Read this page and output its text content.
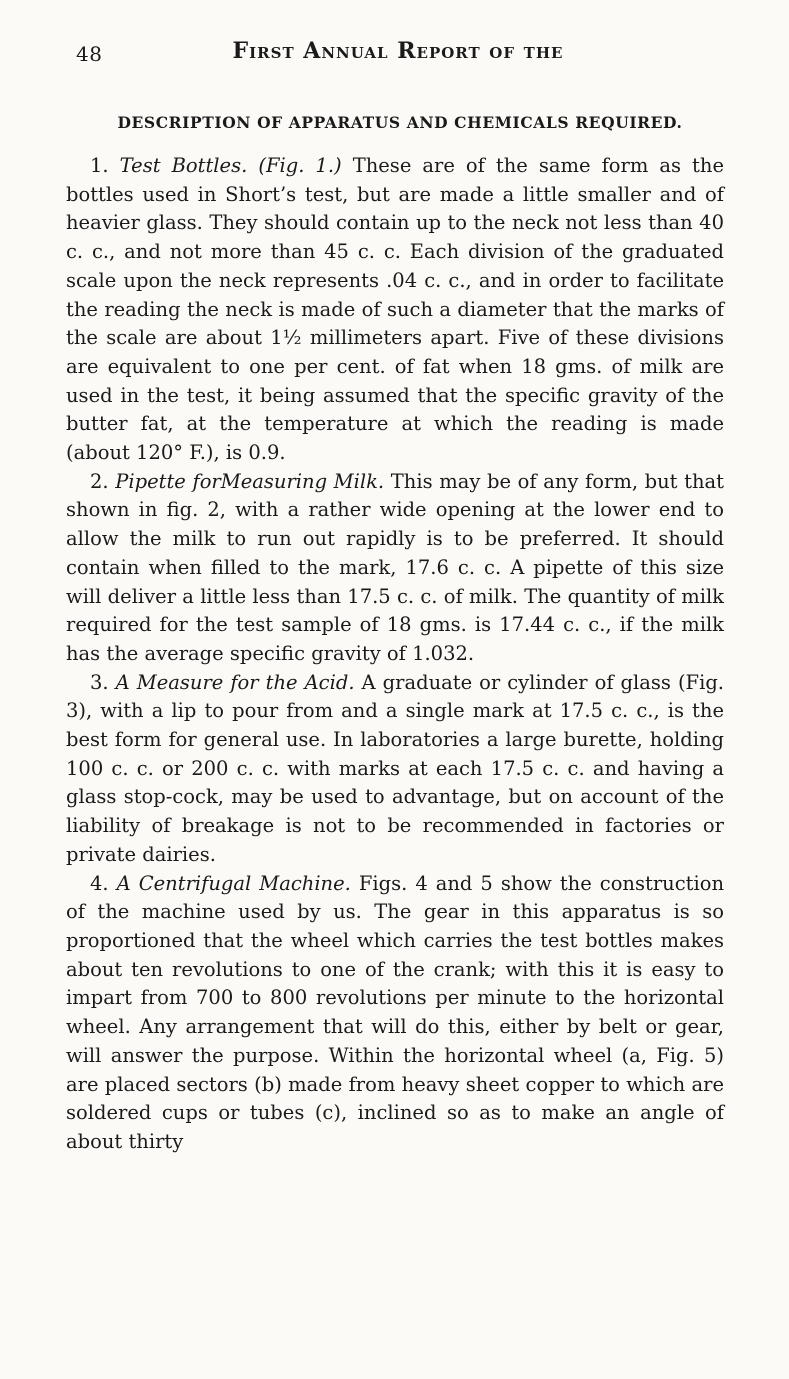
48	First Annual Report of the
DESCRIPTION OF APPARATUS AND CHEMICALS REQUIRED.

1. Test Bottles. (Fig. 1.) These are of the same form as the bottles used in Short’s test, but are made a little smaller and of heavier glass. They should contain up to the neck not less than 40 c. c., and not more than 45 c. c. Each division of the graduated scale upon the neck represents .04 c. c., and in order to facilitate the reading the neck is made of such a diameter that the marks of the scale are about 1½ millimeters apart. Five of these divisions are equivalent to one per cent. of fat when 18 gms. of milk are used in the test, it being assumed that the specific gravity of the butter fat, at the temperature at which the reading is made (about 120° F.), is 0.9.

2. Pipette forMeasuring Milk. This may be of any form, but that shown in fig. 2, with a rather wide opening at the lower end to allow the milk to run out rapidly is to be preferred. It should contain when filled to the mark, 17.6 c. c. A pipette of this size will deliver a little less than 17.5 c. c. of milk. The quantity of milk required for the test sample of 18 gms. is 17.44 c. c., if the milk has the average specific gravity of 1.032.

3. A Measure for the Acid. A graduate or cylinder of glass (Fig. 3), with a lip to pour from and a single mark at 17.5 c. c., is the best form for general use. In laboratories a large burette, holding 100 c. c. or 200 c. c. with marks at each 17.5 c. c. and having a glass stop-cock, may be used to advantage, but on account of the liability of breakage is not to be recommended in factories or private dairies.

4. A Centrifugal Machine. Figs. 4 and 5 show the construction of the machine used by us. The gear in this apparatus is so proportioned that the wheel which carries the test bottles makes about ten revolutions to one of the crank; with this it is easy to impart from 700 to 800 revolutions per minute to the horizontal wheel. Any arrangement that will do this, either by belt or gear, will answer the purpose. Within the horizontal wheel (a, Fig. 5) are placed sectors (b) made from heavy sheet copper to which are soldered cups or tubes (c), inclined so as to make an angle of about thirty
